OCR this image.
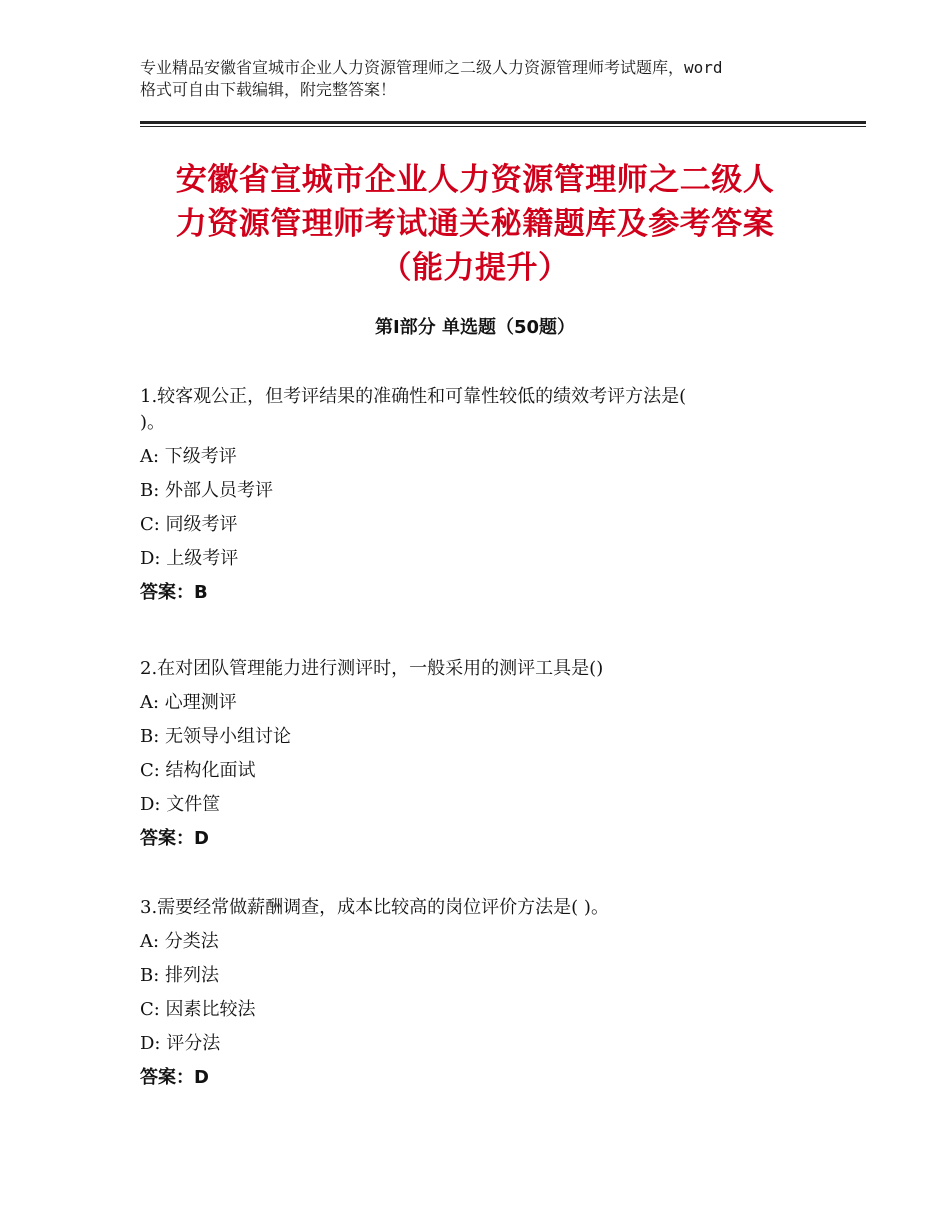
专业精品安徽省宣城市企业人力资源管理师之二级人力资源管理师考试题库，word
格式可自由下载编辑，附完整答案！
安徽省宣城市企业人力资源管理师之二级人
力资源管理师考试通关秘籍题库及参考答案
（能力提升）
第Ⅰ部分 单选题（50题）
1.较客观公正，但考评结果的准确性和可靠性较低的绩效考评方法是(
)。
A: 下级考评
B: 外部人员考评
C: 同级考评
D: 上级考评
答案：B
2.在对团队管理能力进行测评时，一般采用的测评工具是()
A: 心理测评
B: 无领导小组讨论
C: 结构化面试
D: 文件筐
答案：D
3.需要经常做薪酬调查，成本比较高的岗位评价方法是( )。
A: 分类法
B: 排列法
C: 因素比较法
D: 评分法
答案：D
